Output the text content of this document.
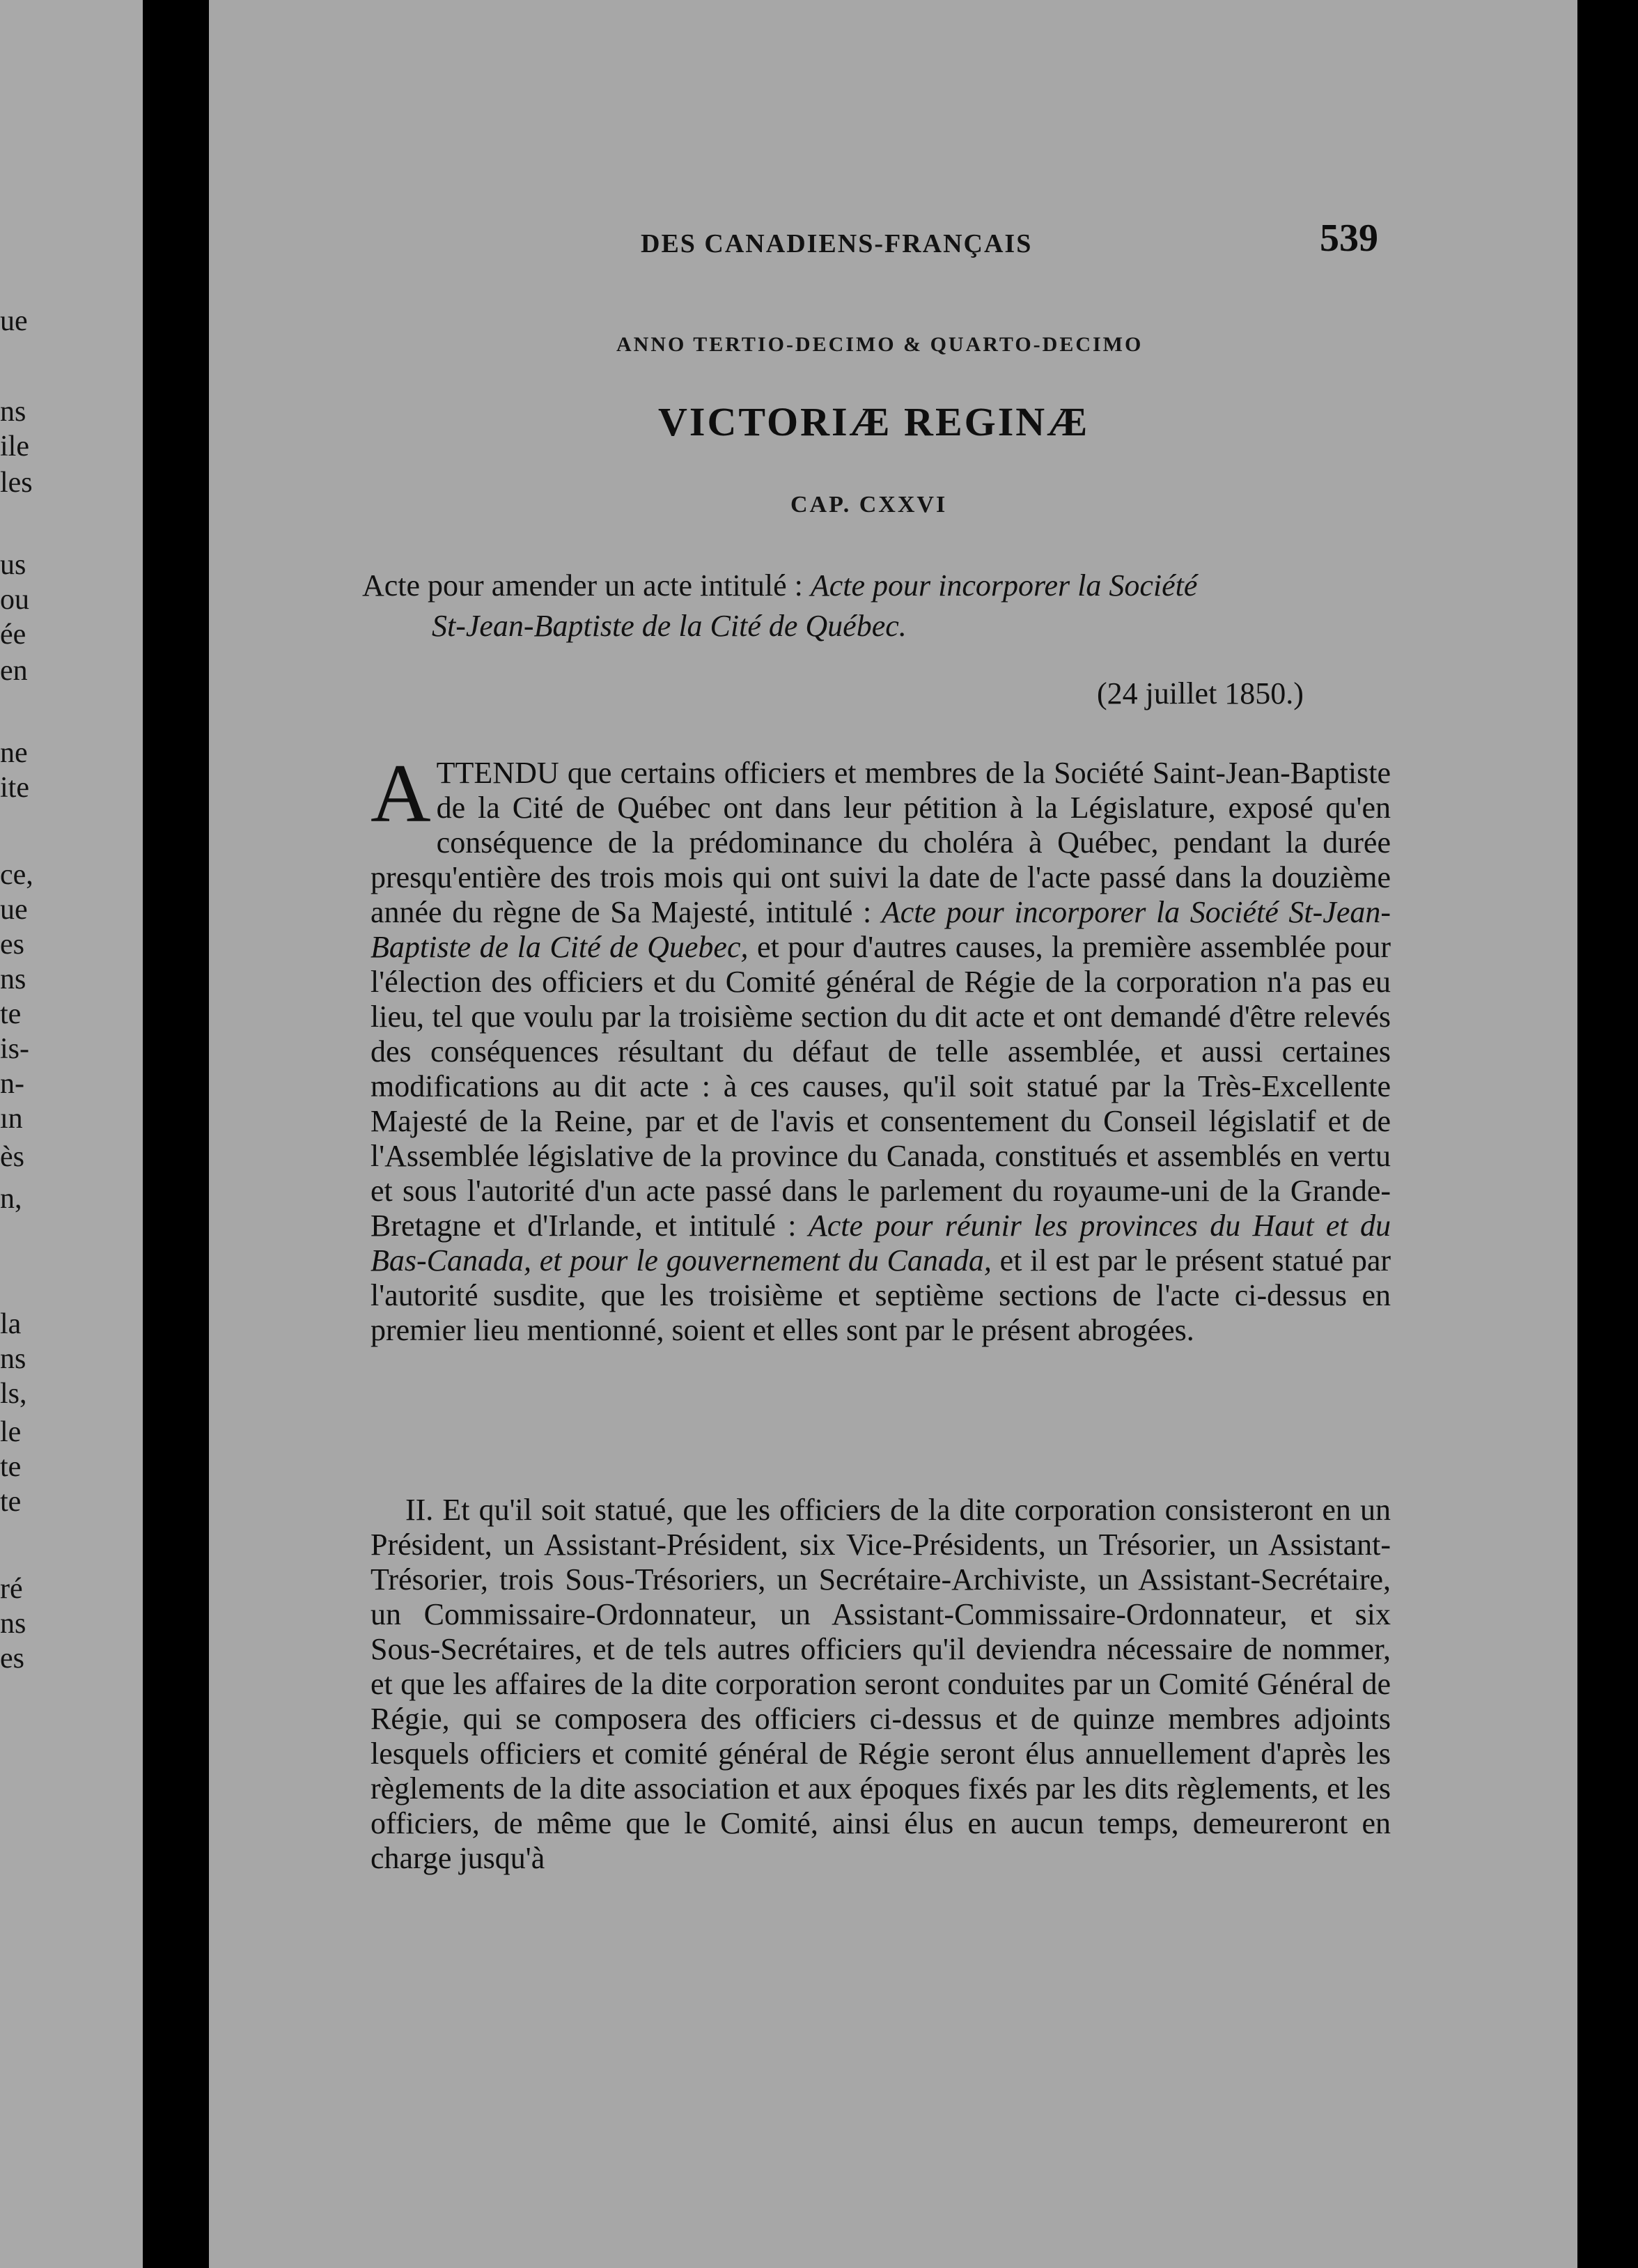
ue
ns
ile
les
us
ou
ée
en
ne
ite
ce,
ue
es
ns
te
is-
n-
ın
ès
n,
la
ns
ls,
le
te
te
ré
ns
es
DES CANADIENS-FRANÇAIS	539
ANNO TERTIO-DECIMO & QUARTO-DECIMO
VICTORIÆ REGINÆ
CAP. CXXVI
Acte pour amender un acte intitulé : Acte pour incorporer la Société
St-Jean-Baptiste de la Cité de Québec.
(24 juillet 1850.)
ATTENDU que certains officiers et membres de la Société Saint-Jean-Baptiste de la Cité de Québec ont dans leur pétition à la Législature, exposé qu'en conséquence de la prédominance du choléra à Québec, pendant la durée presqu'entière des trois mois qui ont suivi la date de l'acte passé dans la douzième année du règne de Sa Majesté, intitulé : Acte pour incorporer la Société St-Jean-Baptiste de la Cité de Quebec, et pour d'autres causes, la première assemblée pour l'élection des officiers et du Comité général de Régie de la corporation n'a pas eu lieu, tel que voulu par la troisième section du dit acte et ont demandé d'être relevés des conséquences résultant du défaut de telle assemblée, et aussi certaines modifications au dit acte : à ces causes, qu'il soit statué par la Très-Excellente Majesté de la Reine, par et de l'avis et consentement du Conseil législatif et de l'Assemblée législative de la province du Canada, constitués et assemblés en vertu et sous l'autorité d'un acte passé dans le parlement du royaume-uni de la Grande-Bretagne et d'Irlande, et intitulé : Acte pour réunir les provinces du Haut et du Bas-Canada, et pour le gouvernement du Canada, et il est par le présent statué par l'autorité susdite, que les troisième et septième sections de l'acte ci-dessus en premier lieu mentionné, soient et elles sont par le présent abrogées.
II. Et qu'il soit statué, que les officiers de la dite corporation consisteront en un Président, un Assistant-Président, six Vice-Présidents, un Trésorier, un Assistant-Trésorier, trois Sous-Trésoriers, un Secrétaire-Archiviste, un Assistant-Secrétaire, un Commissaire-Ordonnateur, un Assistant-Commissaire-Ordonnateur, et six Sous-Secrétaires, et de tels autres officiers qu'il deviendra nécessaire de nommer, et que les affaires de la dite corporation seront conduites par un Comité Général de Régie, qui se composera des officiers ci-dessus et de quinze membres adjoints lesquels officiers et comité général de Régie seront élus annuellement d'après les règlements de la dite association et aux époques fixés par les dits règlements, et les officiers, de même que le Comité, ainsi élus en aucun temps, demeureront en charge jusqu'à
